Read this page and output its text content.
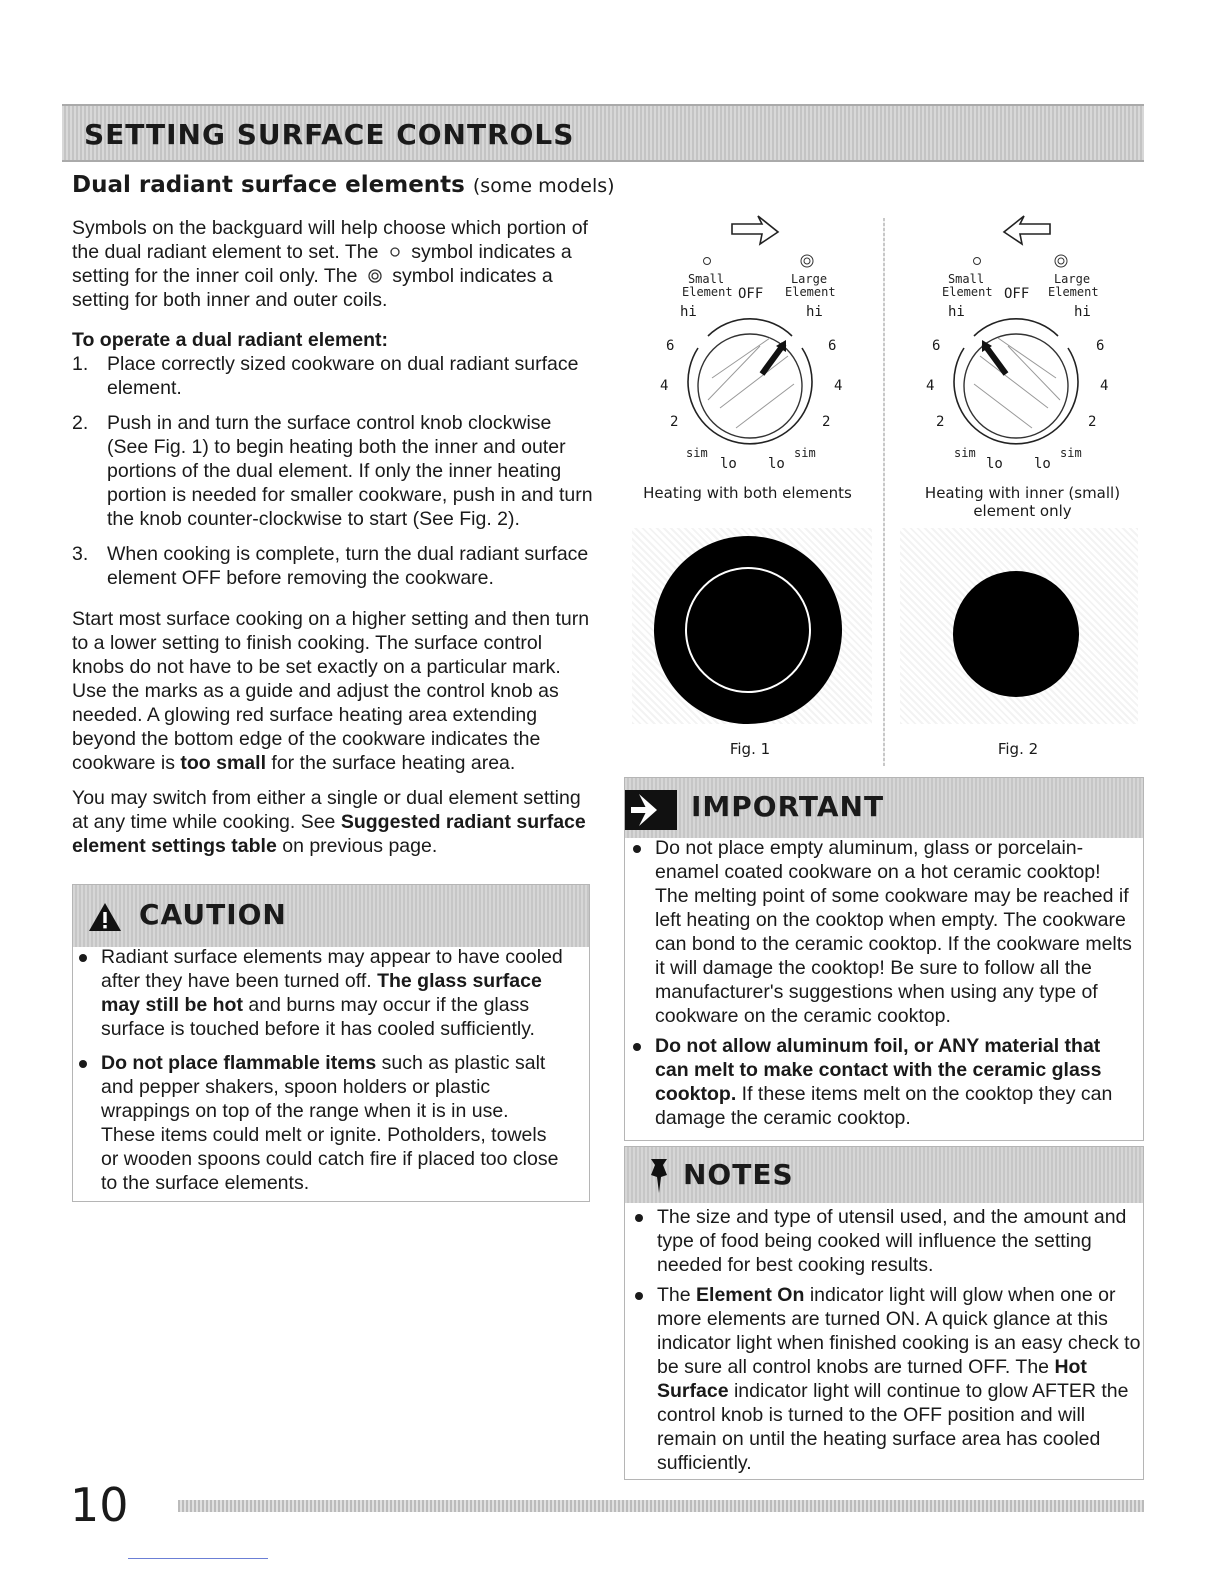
SETTING SURFACE CONTROLS
Dual radiant surface elements (some models)
Symbols on the backguard will help choose which portion of
the dual radiant element to set. The symbol indicates a
setting for the inner coil only. The symbol indicates a
setting for both inner and outer coils.
To operate a dual radiant element:
1. Place correctly sized cookware on dual radiant surface element.
2. Push in and turn the surface control knob clockwise (See Fig. 1) to begin heating both the inner and outer portions of the dual element. If only the inner heating portion is needed for smaller cookware, push in and turn the knob counter-clockwise to start (See Fig. 2).
3. When cooking is complete, turn the dual radiant surface element OFF before removing the cookware.
Start most surface cooking on a higher setting and then turn to a lower setting to finish cooking. The surface control knobs do not have to be set exactly on a particular mark. Use the marks as a guide and adjust the control knob as needed. A glowing red surface heating area extending beyond the bottom edge of the cookware indicates the cookware is too small for the surface heating area.
You may switch from either a single or dual element setting at any time while cooking. See Suggested radiant surface element settings table on previous page.
CAUTION
Radiant surface elements may appear to have cooled after they have been turned off. The glass surface may still be hot and burns may occur if the glass surface is touched before it has cooled sufficiently.
Do not place flammable items such as plastic salt and pepper shakers, spoon holders or plastic wrappings on top of the range when it is in use. These items could melt or ignite. Potholders, towels or wooden spoons could catch fire if placed too close to the surface elements.
Small
Element OFF
Large
Element
hi	hi
6	6
4	4
2	2
sim	sim
lo lo
Heating with both elements
Fig. 1
Small
Element OFF
Large
Element
hi	hi
6	6
4	4
2	2
sim	sim
lo lo
Heating with inner (small) element only
Fig. 2
IMPORTANT
Do not place empty aluminum, glass or porcelain-enamel coated cookware on a hot ceramic cooktop! The melting point of some cookware may be reached if left heating on the cooktop when empty. The cookware can bond to the ceramic cooktop. If the cookware melts it will damage the cooktop! Be sure to follow all the manufacturer's suggestions when using any type of cookware on the ceramic cooktop.
Do not allow aluminum foil, or ANY material that can melt to make contact with the ceramic glass cooktop. If these items melt on the cooktop they can damage the ceramic cooktop.
NOTES
The size and type of utensil used, and the amount and type of food being cooked will influence the setting needed for best cooking results.
The Element On indicator light will glow when one or more elements are turned ON. A quick glance at this indicator light when finished cooking is an easy check to be sure all control knobs are turned OFF. The Hot Surface indicator light will continue to glow AFTER the control knob is turned to the OFF position and will remain on until the heating surface area has cooled sufficiently.
10
